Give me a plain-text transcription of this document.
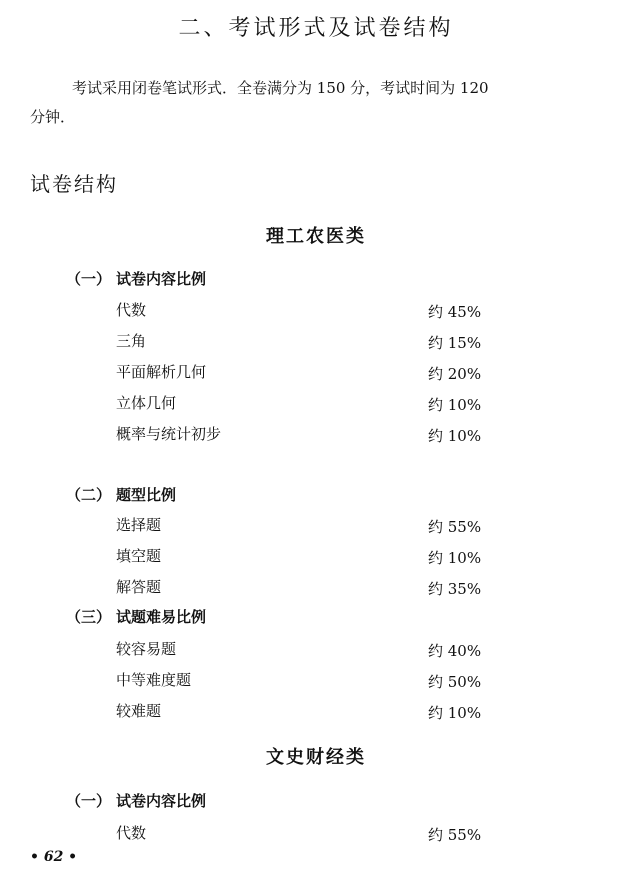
二、考试形式及试卷结构
考试采用闭卷笔试形式．全卷满分为 150 分，考试时间为 120
分钟．
试卷结构
理工农医类
（一） 试卷内容比例
代数	约 45%
三角	约 15%
平面解析几何	约 20%
立体几何	约 10%
概率与统计初步	约 10%
（二） 题型比例
选择题	约 55%
填空题	约 10%
解答题	约 35%
（三） 试题难易比例
较容易题	约 40%
中等难度题	约 50%
较难题	约 10%
文史财经类
（一） 试卷内容比例
代数	约 55%
• 62 •
